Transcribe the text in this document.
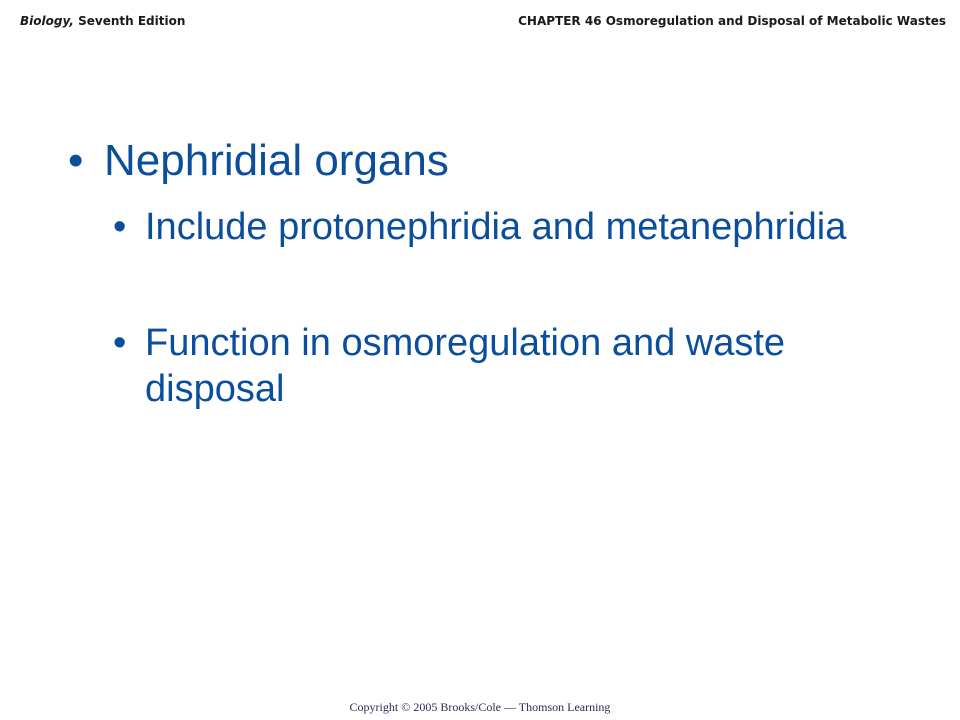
Biology, Seventh Edition	CHAPTER 46 Osmoregulation and Disposal of Metabolic Wastes
• Nephridial organs
• Include protonephridia and metanephridia
• Function in osmoregulation and waste disposal
Copyright © 2005 Brooks/Cole — Thomson Learning
